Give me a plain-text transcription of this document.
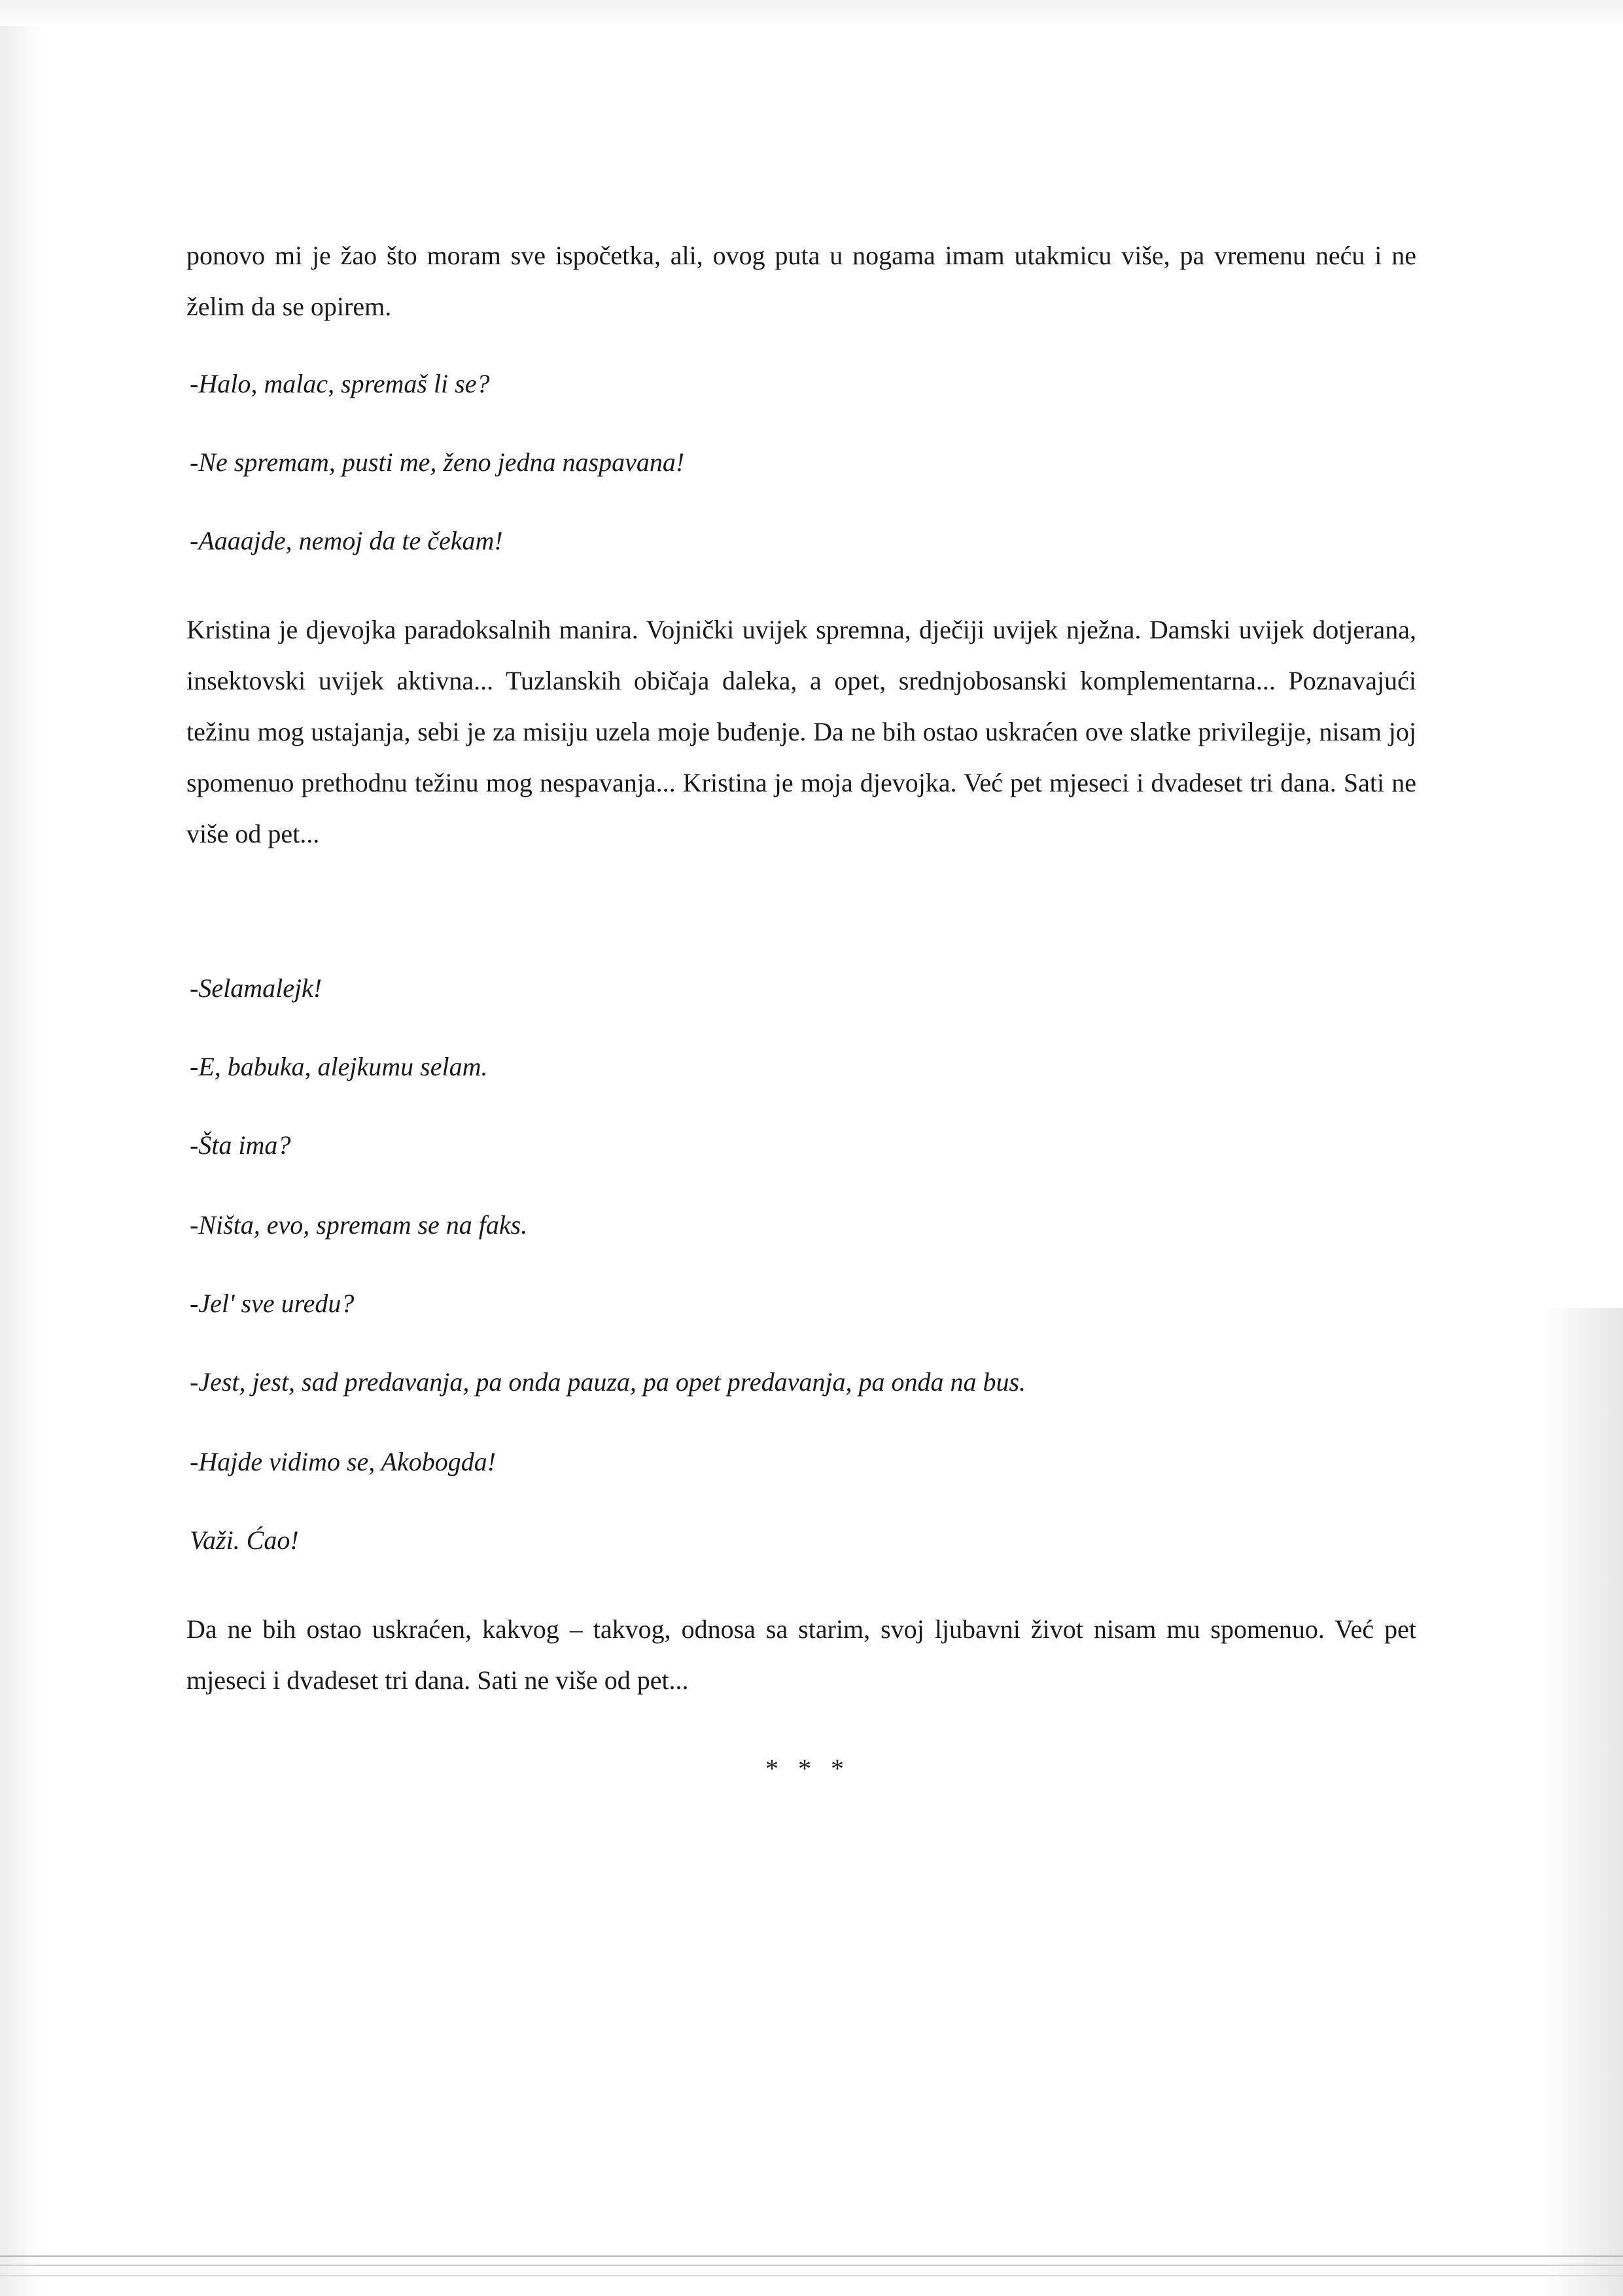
ponovo mi je žao što moram sve ispočetka, ali, ovog puta u nogama imam utakmicu više, pa vremenu neću i ne želim da se opirem.

-Halo, malac, spremaš li se?

-Ne spremam, pusti me, ženo jedna naspavana!

-Aaaajde, nemoj da te čekam!

Kristina je djevojka paradoksalnih manira. Vojnički uvijek spremna, dječiji uvijek nježna. Damski uvijek dotjerana, insektovski uvijek aktivna... Tuzlanskih običaja daleka, a opet, srednjobosanski komplementarna... Poznavajući težinu mog ustajanja, sebi je za misiju uzela moje buđenje. Da ne bih ostao uskraćen ove slatke privilegije, nisam joj spomenuo prethodnu težinu mog nespavanja... Kristina je moja djevojka. Već pet mjeseci i dvadeset tri dana. Sati ne više od pet...

-Selamalejk!

-E, babuka, alejkumu selam.

-Šta ima?

-Ništa, evo, spremam se na faks.

-Jel' sve uredu?

-Jest, jest, sad predavanja, pa onda pauza, pa opet predavanja, pa onda na bus.

-Hajde vidimo se, Akobogda!

Važi. Ćao!

Da ne bih ostao uskraćen, kakvog – takvog, odnosa sa starim, svoj ljubavni život nisam mu spomenuo. Već pet mjeseci i dvadeset tri dana. Sati ne više od pet...

* * *
